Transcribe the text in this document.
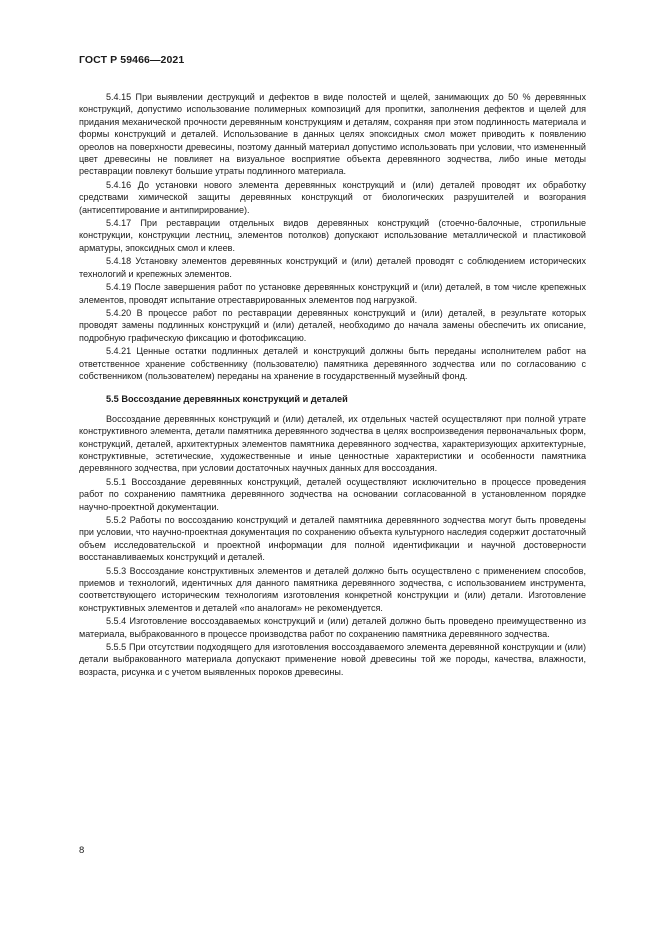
ГОСТ Р 59466—2021

5.4.15 При выявлении деструкций и дефектов в виде полостей и щелей, занимающих до 50 % деревянных конструкций, допустимо использование полимерных композиций для пропитки, заполнения дефектов и щелей для придания механической прочности деревянным конструкциям и деталям, сохраняя при этом подлинность материала и формы конструкций и деталей. Использование в данных целях эпоксидных смол может приводить к появлению ореолов на поверхности древесины, поэтому данный материал допустимо использовать при условии, что измененный цвет древесины не повлияет на визуальное восприятие объекта деревянного зодчества, либо иные методы реставрации повлекут большие утраты подлинного материала.

5.4.16 До установки нового элемента деревянных конструкций и (или) деталей проводят их обработку средствами химической защиты деревянных конструкций от биологических разрушителей и возгорания (антисептирование и антипирирование).

5.4.17 При реставрации отдельных видов деревянных конструкций (стоечно-балочные, стропильные конструкции, конструкции лестниц, элементов потолков) допускают использование металлической и пластиковой арматуры, эпоксидных смол и клеев.

5.4.18 Установку элементов деревянных конструкций и (или) деталей проводят с соблюдением исторических технологий и крепежных элементов.

5.4.19 После завершения работ по установке деревянных конструкций и (или) деталей, в том числе крепежных элементов, проводят испытание отреставрированных элементов под нагрузкой.

5.4.20 В процессе работ по реставрации деревянных конструкций и (или) деталей, в результате которых проводят замены подлинных конструкций и (или) деталей, необходимо до начала замены обеспечить их описание, подробную графическую фиксацию и фотофиксацию.

5.4.21 Ценные остатки подлинных деталей и конструкций должны быть переданы исполнителем работ на ответственное хранение собственнику (пользователю) памятника деревянного зодчества или по согласованию с собственником (пользователем) переданы на хранение в государственный музейный фонд.

5.5 Воссоздание деревянных конструкций и деталей

Воссоздание деревянных конструкций и (или) деталей, их отдельных частей осуществляют при полной утрате конструктивного элемента, детали памятника деревянного зодчества в целях воспроизведения первоначальных форм, конструкций, деталей, архитектурных элементов памятника деревянного зодчества, характеризующих архитектурные, конструктивные, эстетические, художественные и иные ценностные характеристики и особенности памятника деревянного зодчества, при условии достаточных научных данных для воссоздания.

5.5.1 Воссоздание деревянных конструкций, деталей осуществляют исключительно в процессе проведения работ по сохранению памятника деревянного зодчества на основании согласованной в установленном порядке научно-проектной документации.

5.5.2 Работы по воссозданию конструкций и деталей памятника деревянного зодчества могут быть проведены при условии, что научно-проектная документация по сохранению объекта культурного наследия содержит достаточный объем исследовательской и проектной информации для полной идентификации и научной достоверности восстанавливаемых конструкций и деталей.

5.5.3 Воссоздание конструктивных элементов и деталей должно быть осуществлено с применением способов, приемов и технологий, идентичных для данного памятника деревянного зодчества, с использованием инструмента, соответствующего историческим технологиям изготовления конкретной конструкции и (или) детали. Изготовление конструктивных элементов и деталей «по аналогам» не рекомендуется.

5.5.4 Изготовление воссоздаваемых конструкций и (или) деталей должно быть проведено преимущественно из материала, выбракованного в процессе производства работ по сохранению памятника деревянного зодчества.

5.5.5 При отсутствии подходящего для изготовления воссоздаваемого элемента деревянной конструкции и (или) детали выбракованного материала допускают применение новой древесины той же породы, качества, влажности, возраста, рисунка и с учетом выявленных пороков древесины.

8
